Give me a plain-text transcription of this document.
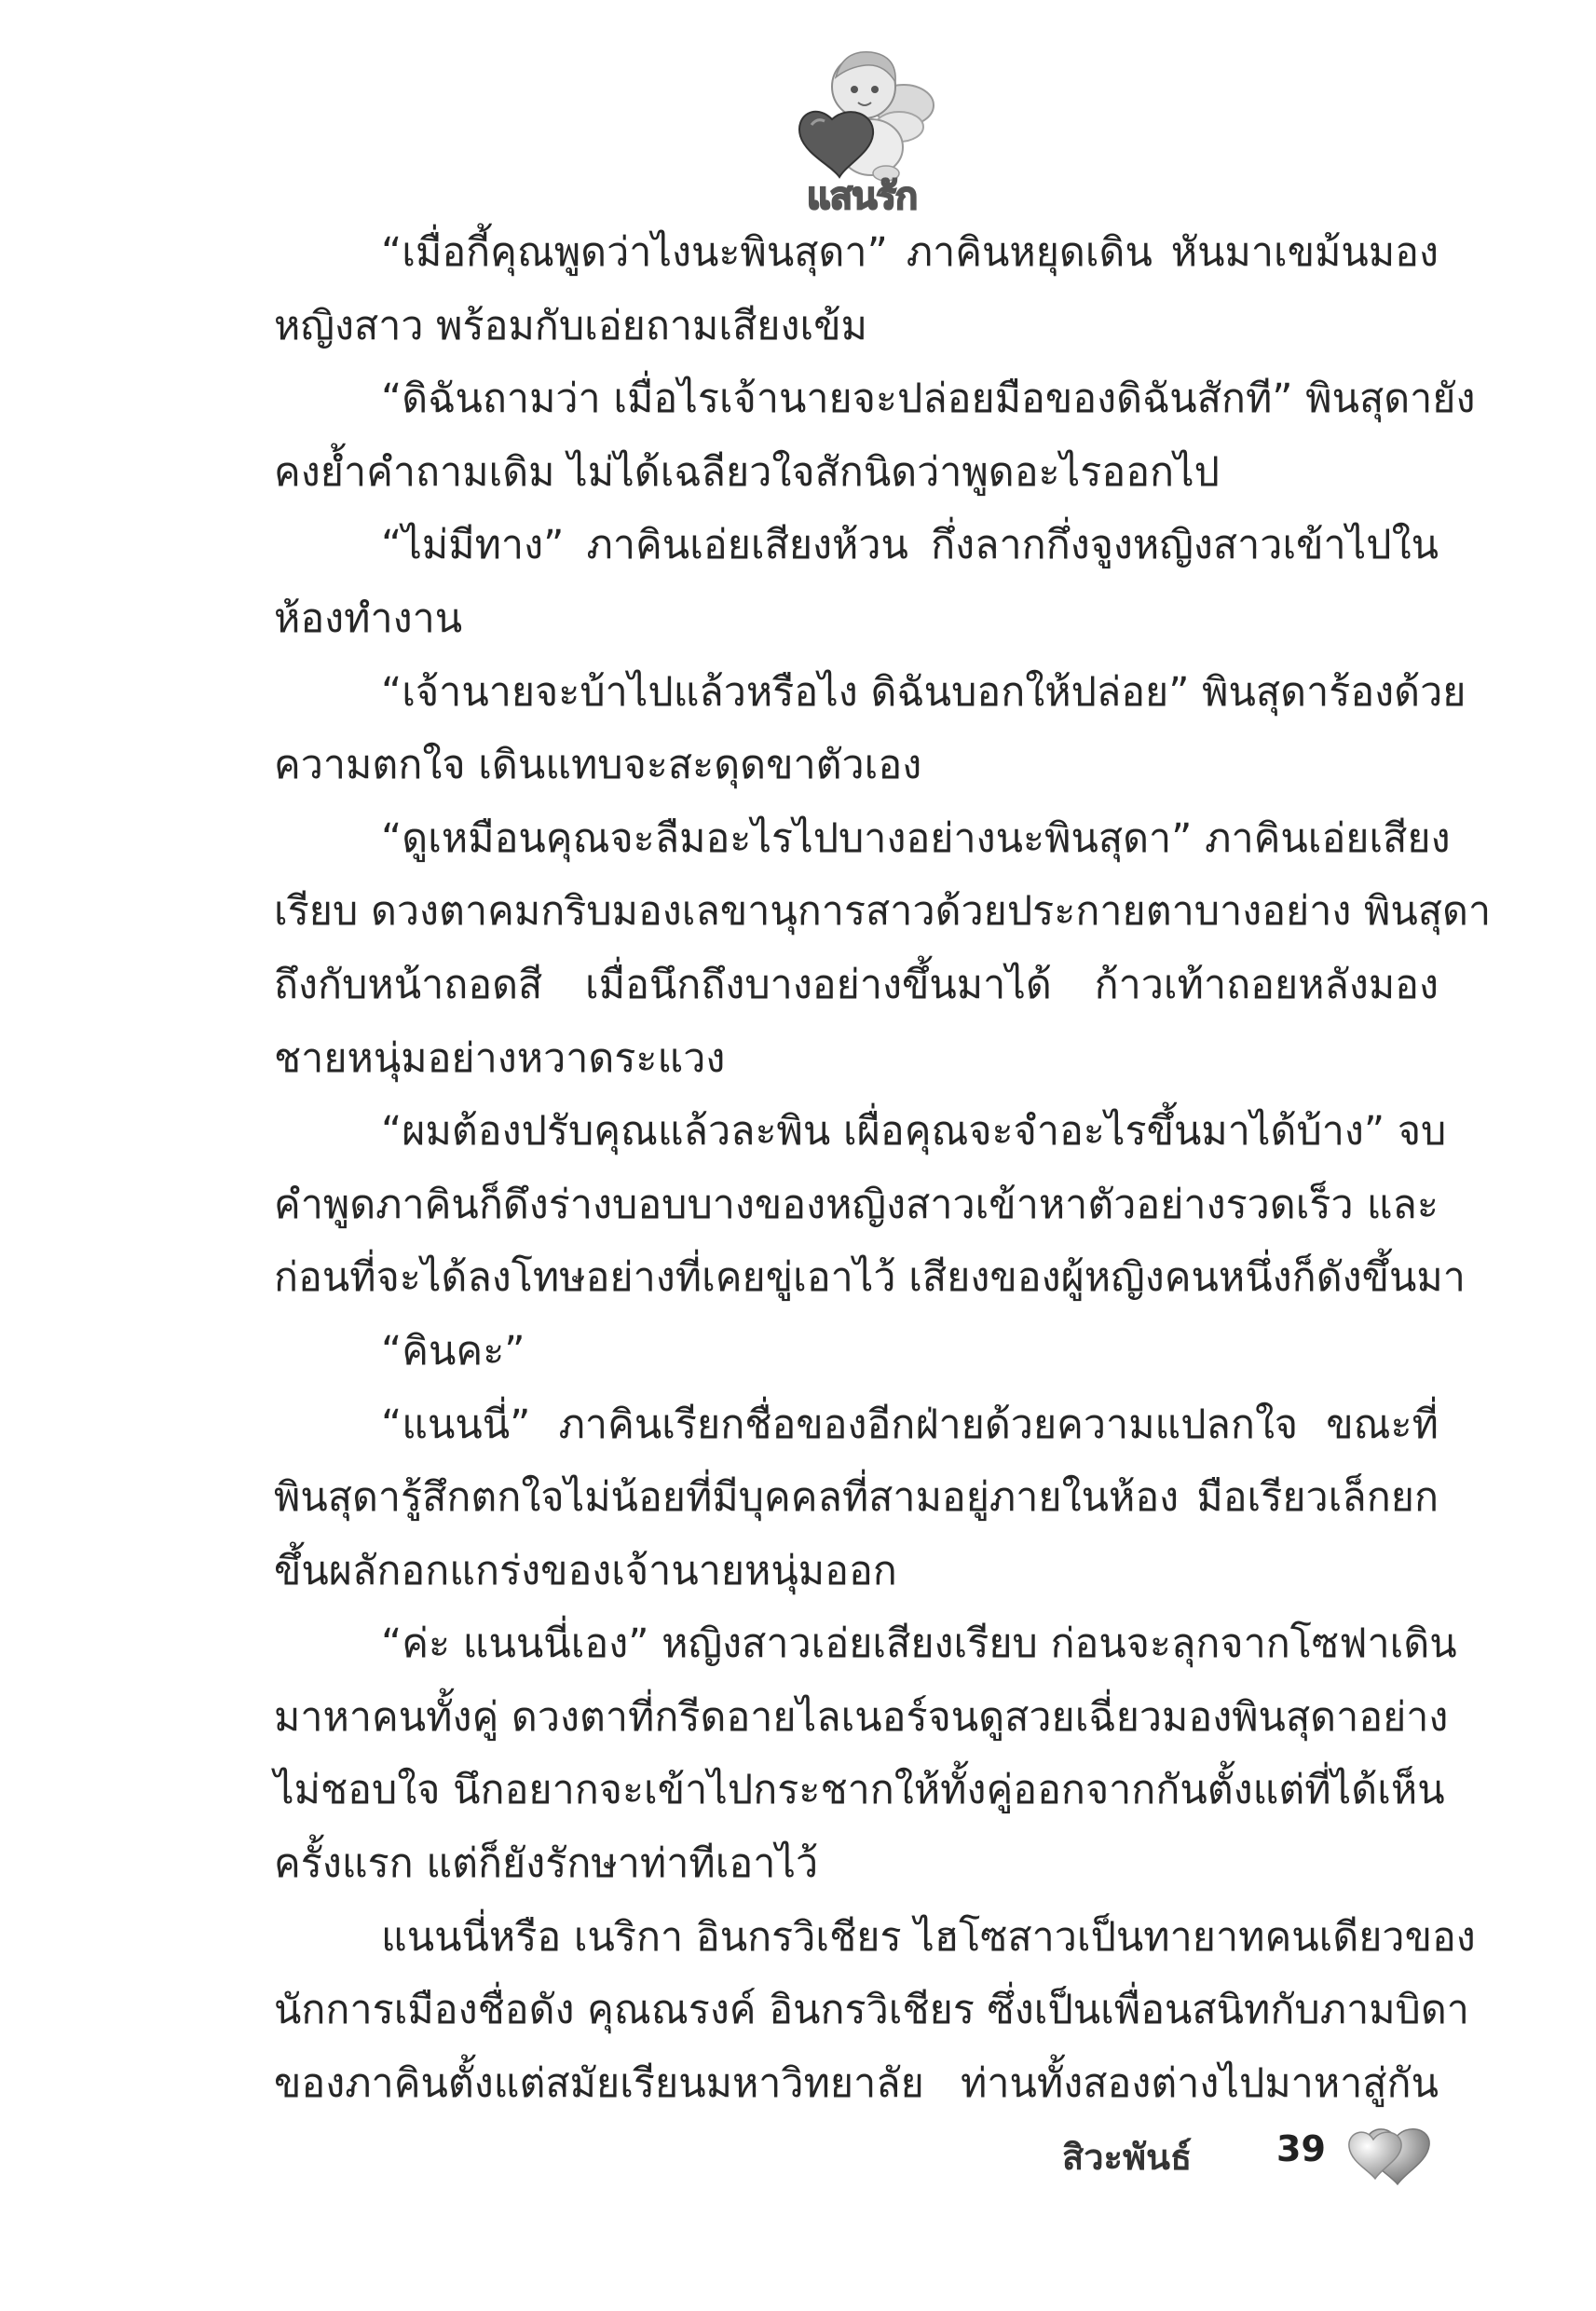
แสนรัก
“เมื่อกี้คุณพูดว่าไงนะพินสุดา” ภาคินหยุดเดิน หันมาเขม้นมอง
หญิงสาว พร้อมกับเอ่ยถามเสียงเข้ม
“ดิฉันถามว่า เมื่อไรเจ้านายจะปล่อยมือของดิฉันสักที” พินสุดายัง
คงย้ำคำถามเดิม ไม่ได้เฉลียวใจสักนิดว่าพูดอะไรออกไป
“ไม่มีทาง” ภาคินเอ่ยเสียงห้วน กึ่งลากกึ่งจูงหญิงสาวเข้าไปใน
ห้องทำงาน
“เจ้านายจะบ้าไปแล้วหรือไง ดิฉันบอกให้ปล่อย” พินสุดาร้องด้วย
ความตกใจ เดินแทบจะสะดุดขาตัวเอง
“ดูเหมือนคุณจะลืมอะไรไปบางอย่างนะพินสุดา” ภาคินเอ่ยเสียง
เรียบ ดวงตาคมกริบมองเลขานุการสาวด้วยประกายตาบางอย่าง พินสุดา
ถึงกับหน้าถอดสี เมื่อนึกถึงบางอย่างขึ้นมาได้ ก้าวเท้าถอยหลังมอง
ชายหนุ่มอย่างหวาดระแวง
“ผมต้องปรับคุณแล้วละพิน เผื่อคุณจะจำอะไรขึ้นมาได้บ้าง” จบ
คำพูดภาคินก็ดึงร่างบอบบางของหญิงสาวเข้าหาตัวอย่างรวดเร็ว และ
ก่อนที่จะได้ลงโทษอย่างที่เคยขู่เอาไว้ เสียงของผู้หญิงคนหนึ่งก็ดังขึ้นมา
“คินคะ”
“แนนนี่” ภาคินเรียกชื่อของอีกฝ่ายด้วยความแปลกใจ ขณะที่
พินสุดารู้สึกตกใจไม่น้อยที่มีบุคคลที่สามอยู่ภายในห้อง มือเรียวเล็กยก
ขึ้นผลักอกแกร่งของเจ้านายหนุ่มออก
“ค่ะ แนนนี่เอง” หญิงสาวเอ่ยเสียงเรียบ ก่อนจะลุกจากโซฟาเดิน
มาหาคนทั้งคู่ ดวงตาที่กรีดอายไลเนอร์จนดูสวยเฉี่ยวมองพินสุดาอย่าง
ไม่ชอบใจ นึกอยากจะเข้าไปกระชากให้ทั้งคู่ออกจากกันตั้งแต่ที่ได้เห็น
ครั้งแรก แต่ก็ยังรักษาท่าทีเอาไว้
แนนนี่หรือ เนริกา อินกรวิเชียร ไฮโซสาวเป็นทายาทคนเดียวของ
นักการเมืองชื่อดัง คุณณรงค์ อินกรวิเชียร ซึ่งเป็นเพื่อนสนิทกับภามบิดา
ของภาคินตั้งแต่สมัยเรียนมหาวิทยาลัย ท่านทั้งสองต่างไปมาหาสู่กัน
สิวะพันธ์ 39
